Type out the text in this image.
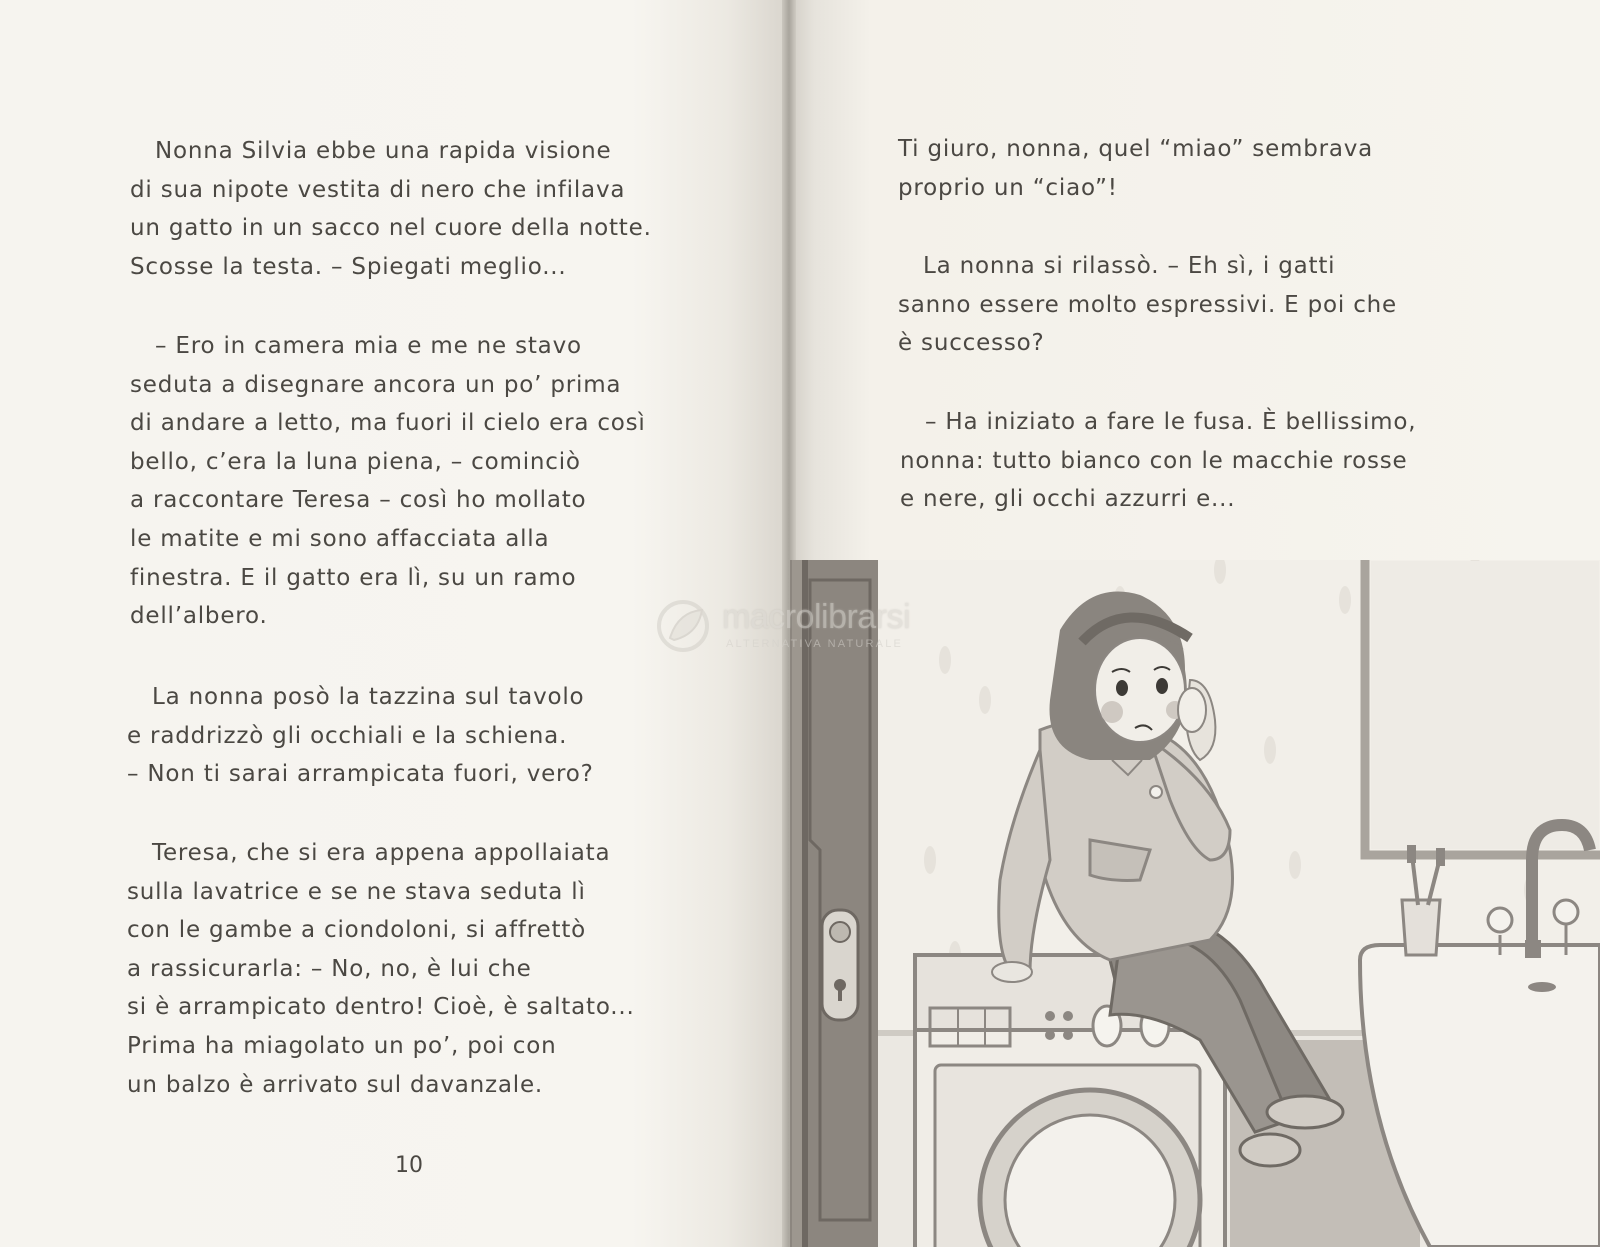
Nonna Silvia ebbe una rapida visione
di sua nipote vestita di nero che infilava
un gatto in un sacco nel cuore della notte.
Scosse la testa. – Spiegati meglio...
– Ero in camera mia e me ne stavo
seduta a disegnare ancora un po’ prima
di andare a letto, ma fuori il cielo era così
bello, c’era la luna piena, – cominciò
a raccontare Teresa – così ho mollato
le matite e mi sono affacciata alla
finestra. E il gatto era lì, su un ramo
dell’albero.
La nonna posò la tazzina sul tavolo
e raddrizzò gli occhiali e la schiena.
– Non ti sarai arrampicata fuori, vero?
Teresa, che si era appena appollaiata
sulla lavatrice e se ne stava seduta lì
con le gambe a ciondoloni, si affrettò
a rassicurarla: – No, no, è lui che
si è arrampicato dentro! Cioè, è saltato...
Prima ha miagolato un po’, poi con
un balzo è arrivato sul davanzale.
10
Ti giuro, nonna, quel “miao” sembrava
proprio un “ciao”!
La nonna si rilassò. – Eh sì, i gatti
sanno essere molto espressivi. E poi che
è successo?
– Ha iniziato a fare le fusa. È bellissimo,
nonna: tutto bianco con le macchie rosse
e nere, gli occhi azzurri e...
macrolibrarsi
ALTERNATIVA NATURALE
